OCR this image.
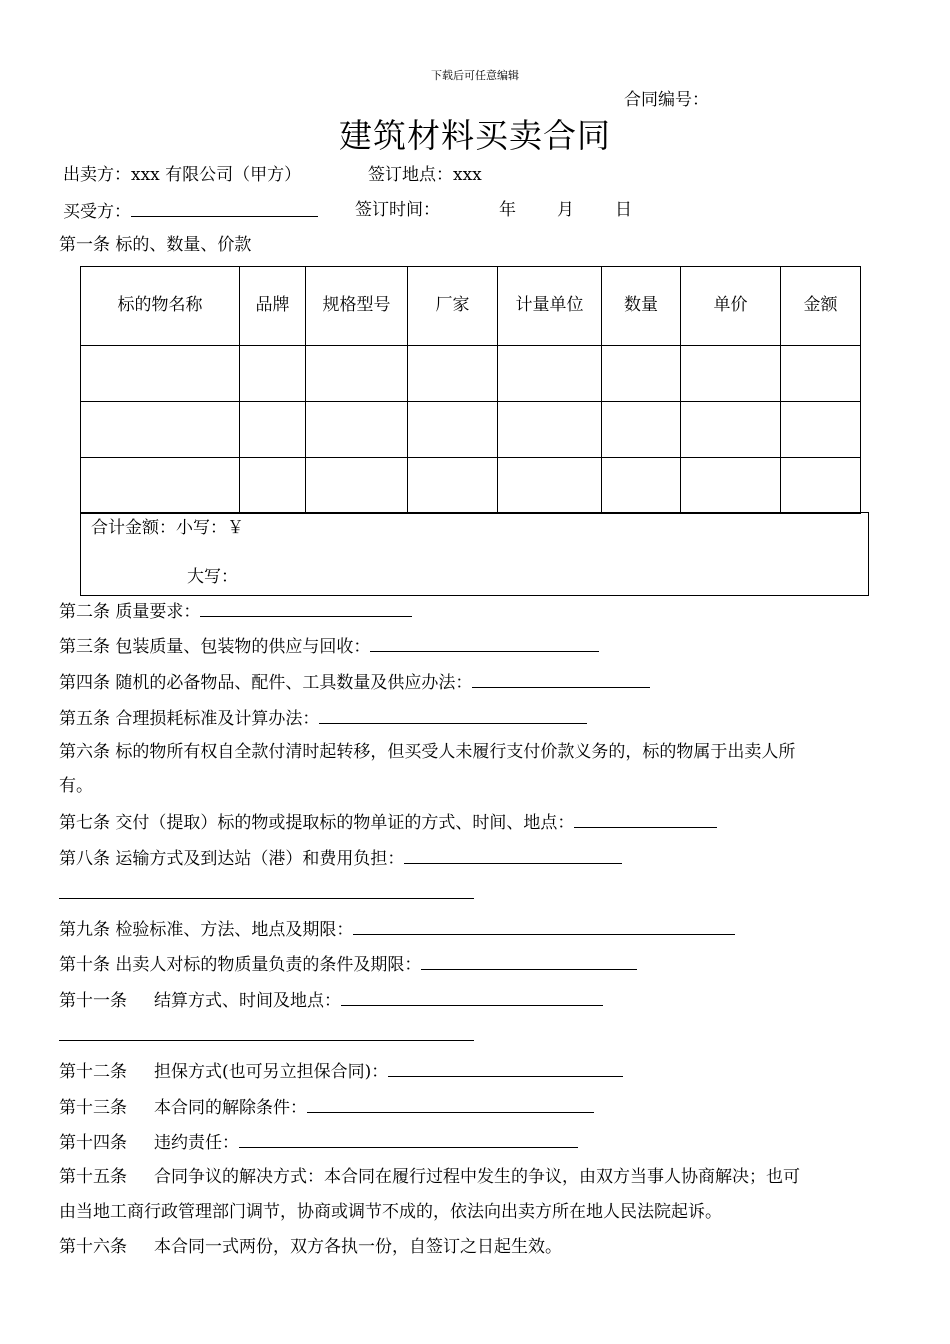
下载后可任意编辑
合同编号：
建筑材料买卖合同
出卖方：xxx 有限公司（甲方）	签订地点：xxx
买受方：	签订时间：	年 月 日
第一条 标的、数量、价款
标的物名称	品牌	规格型号	厂家	计量单位	数量	单价	金额

合计金额：小写：￥
大写：
第二条 质量要求：
第三条 包装质量、包装物的供应与回收：
第四条 随机的必备物品、配件、工具数量及供应办法：
第五条 合理损耗标准及计算办法：
第六条 标的物所有权自全款付清时起转移，但买受人未履行支付价款义务的，标的物属于出卖人所
有。
第七条 交付（提取）标的物或提取标的物单证的方式、时间、地点：
第八条 运输方式及到达站（港）和费用负担：
第九条 检验标准、方法、地点及期限：
第十条 出卖人对标的物质量负责的条件及期限：
第十一条     结算方式、时间及地点：
第十二条     担保方式(也可另立担保合同)：
第十三条     本合同的解除条件：
第十四条     违约责任：
第十五条     合同争议的解决方式：本合同在履行过程中发生的争议，由双方当事人协商解决；也可
由当地工商行政管理部门调节，协商或调节不成的，依法向出卖方所在地人民法院起诉。
第十六条     本合同一式两份，双方各执一份，自签订之日起生效。
